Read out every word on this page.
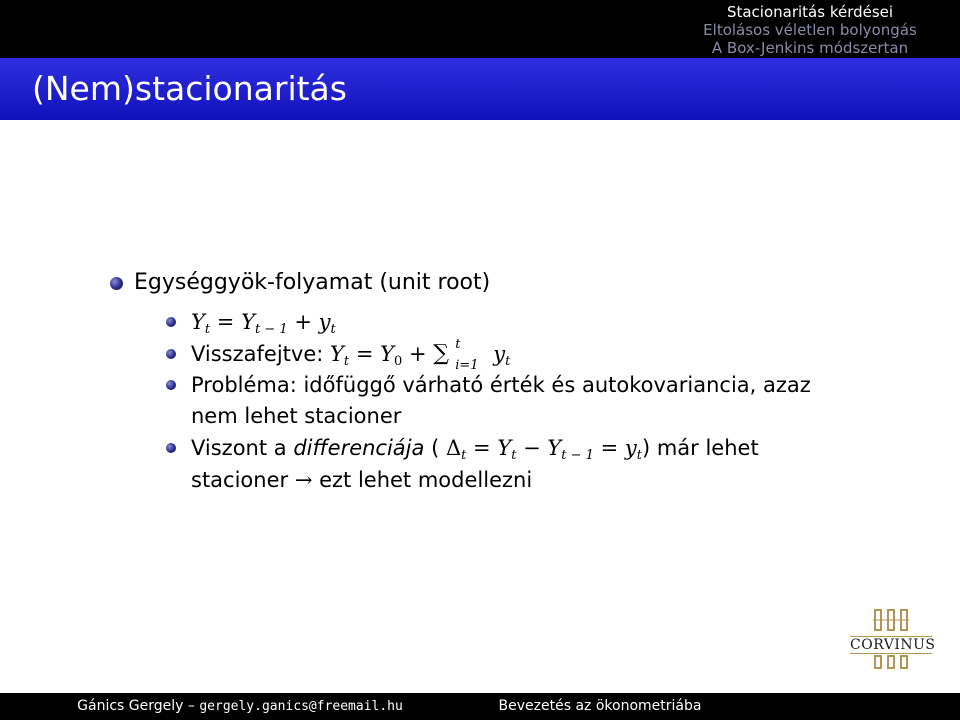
Stacionaritás kérdései
Eltolásos véletlen bolyongás
A Box-Jenkins módszertan
(Nem)stacionaritás
Egységgyök-folyamat (unit root)
$Y_t = Y_{t - 1} + y_t$
Visszafejtve: $Y_t = Y0$ + ∑ t
i=1 $y_t$
Probléma: időfüggő várható érték és autokovariancia, azaz
nem lehet stacioner
Viszont a differenciája ( $\Delta_t = Y_t - Y_{t - 1} = y_t$) már lehet
stacioner → ezt lehet modellezni
CORVINUS
Gánics Gergely – gergely.ganics@freemail.hu	Bevezetés az ökonometriába
